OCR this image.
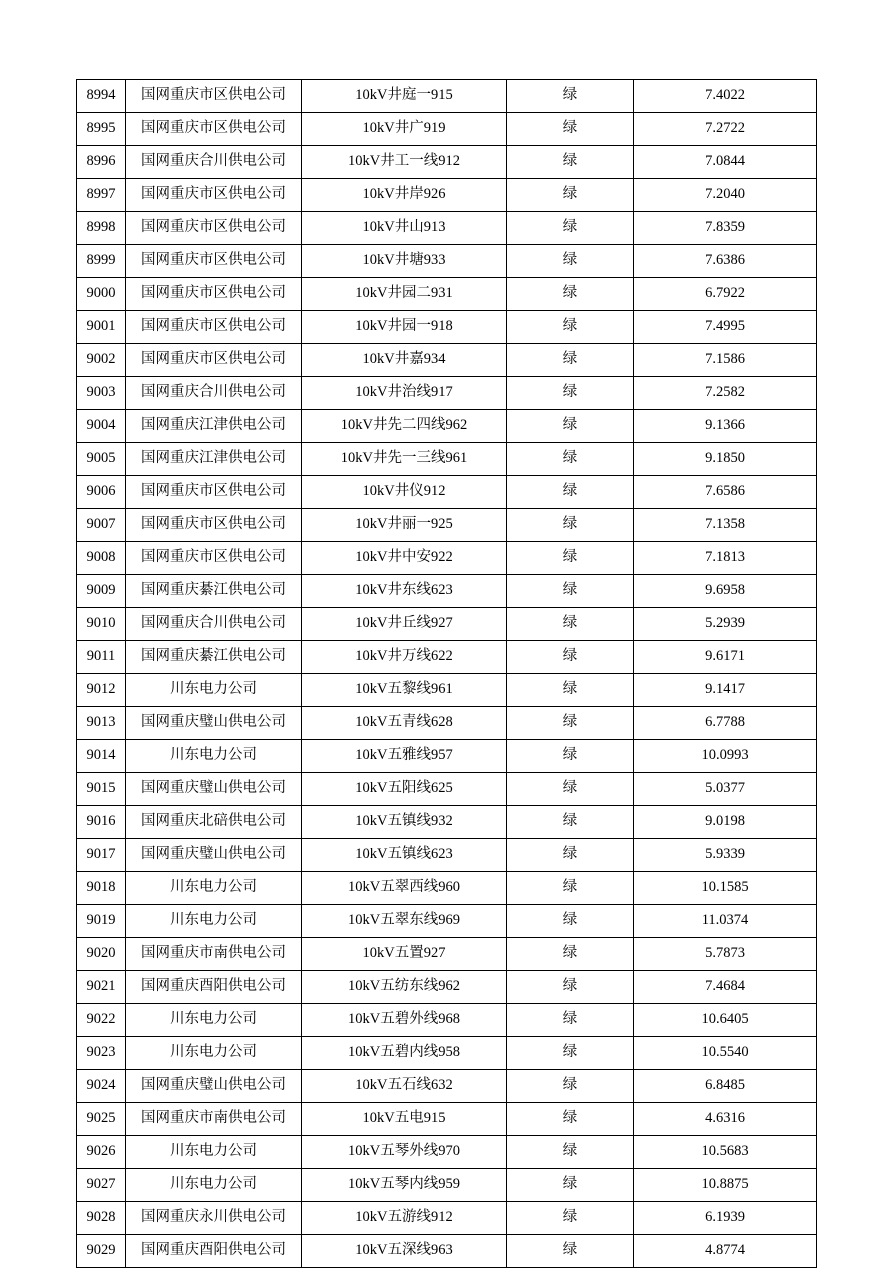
8994	国网重庆市区供电公司	10kV井庭一915	绿	7.4022
8995	国网重庆市区供电公司	10kV井广919	绿	7.2722
8996	国网重庆合川供电公司	10kV井工一线912	绿	7.0844
8997	国网重庆市区供电公司	10kV井岸926	绿	7.2040
8998	国网重庆市区供电公司	10kV井山913	绿	7.8359
8999	国网重庆市区供电公司	10kV井塘933	绿	7.6386
9000	国网重庆市区供电公司	10kV井园二931	绿	6.7922
9001	国网重庆市区供电公司	10kV井园一918	绿	7.4995
9002	国网重庆市区供电公司	10kV井嘉934	绿	7.1586
9003	国网重庆合川供电公司	10kV井治线917	绿	7.2582
9004	国网重庆江津供电公司	10kV井先二四线962	绿	9.1366
9005	国网重庆江津供电公司	10kV井先一三线961	绿	9.1850
9006	国网重庆市区供电公司	10kV井仪912	绿	7.6586
9007	国网重庆市区供电公司	10kV井丽一925	绿	7.1358
9008	国网重庆市区供电公司	10kV井中安922	绿	7.1813
9009	国网重庆綦江供电公司	10kV井东线623	绿	9.6958
9010	国网重庆合川供电公司	10kV井丘线927	绿	5.2939
9011	国网重庆綦江供电公司	10kV井万线622	绿	9.6171
9012	川东电力公司	10kV五黎线961	绿	9.1417
9013	国网重庆璧山供电公司	10kV五青线628	绿	6.7788
9014	川东电力公司	10kV五雅线957	绿	10.0993
9015	国网重庆璧山供电公司	10kV五阳线625	绿	5.0377
9016	国网重庆北碚供电公司	10kV五镇线932	绿	9.0198
9017	国网重庆璧山供电公司	10kV五镇线623	绿	5.9339
9018	川东电力公司	10kV五翠西线960	绿	10.1585
9019	川东电力公司	10kV五翠东线969	绿	11.0374
9020	国网重庆市南供电公司	10kV五置927	绿	5.7873
9021	国网重庆酉阳供电公司	10kV五纺东线962	绿	7.4684
9022	川东电力公司	10kV五碧外线968	绿	10.6405
9023	川东电力公司	10kV五碧内线958	绿	10.5540
9024	国网重庆璧山供电公司	10kV五石线632	绿	6.8485
9025	国网重庆市南供电公司	10kV五电915	绿	4.6316
9026	川东电力公司	10kV五琴外线970	绿	10.5683
9027	川东电力公司	10kV五琴内线959	绿	10.8875
9028	国网重庆永川供电公司	10kV五游线912	绿	6.1939
9029	国网重庆酉阳供电公司	10kV五深线963	绿	4.8774
